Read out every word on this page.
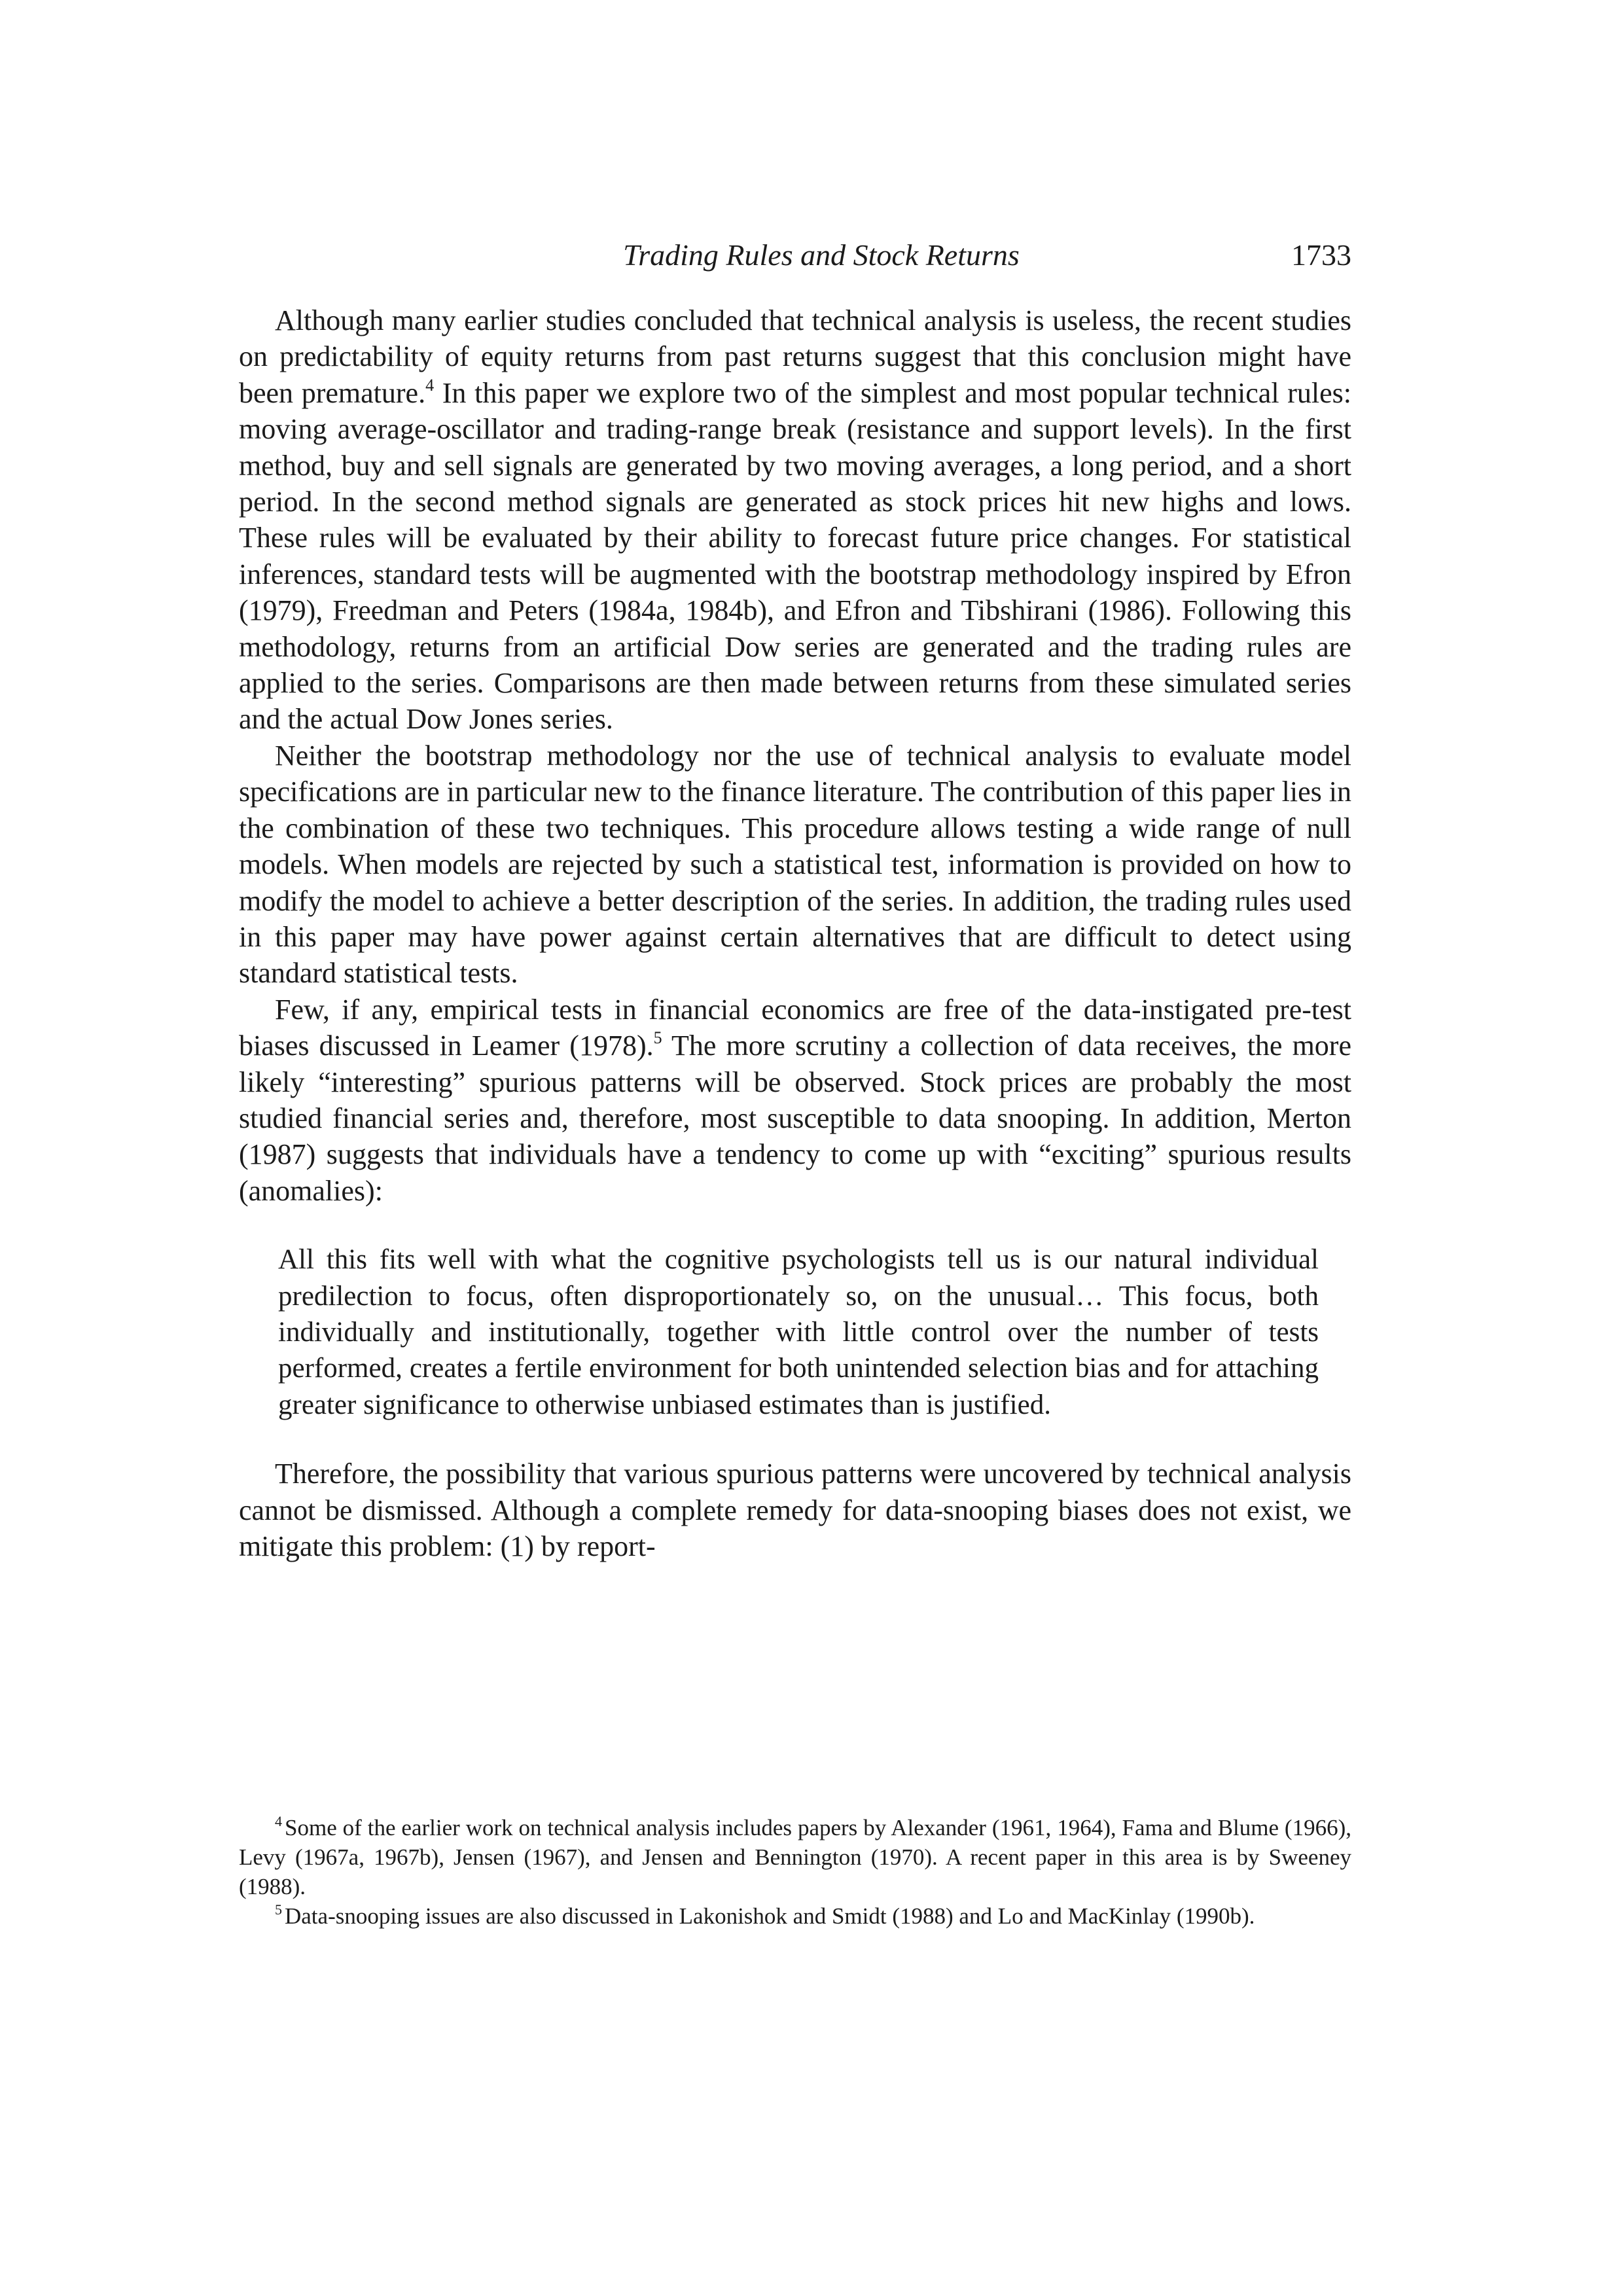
Trading Rules and Stock Returns	1733

Although many earlier studies concluded that technical analysis is useless, the recent studies on predictability of equity returns from past returns suggest that this conclusion might have been premature.$^4$ In this paper we explore two of the simplest and most popular technical rules: moving average-oscillator and trading-range break (resistance and support levels). In the first method, buy and sell signals are generated by two moving averages, a long period, and a short period. In the second method signals are generated as stock prices hit new highs and lows. These rules will be evaluated by their ability to forecast future price changes. For statistical inferences, standard tests will be augmented with the bootstrap methodology inspired by Efron (1979), Freedman and Peters (1984a, 1984b), and Efron and Tibshirani (1986). Following this methodology, returns from an artificial Dow series are generated and the trading rules are applied to the series. Comparisons are then made between returns from these simulated series and the actual Dow Jones series.

Neither the bootstrap methodology nor the use of technical analysis to evaluate model specifications are in particular new to the finance literature. The contribution of this paper lies in the combination of these two techniques. This procedure allows testing a wide range of null models. When models are rejected by such a statistical test, information is provided on how to modify the model to achieve a better description of the series. In addition, the trading rules used in this paper may have power against certain alternatives that are difficult to detect using standard statistical tests.

Few, if any, empirical tests in financial economics are free of the data-instigated pre-test biases discussed in Leamer (1978).$^5$ The more scrutiny a collection of data receives, the more likely “interesting” spurious patterns will be observed. Stock prices are probably the most studied financial series and, therefore, most susceptible to data snooping. In addition, Merton (1987) suggests that individuals have a tendency to come up with “exciting” spurious results (anomalies):

All this fits well with what the cognitive psychologists tell us is our natural individual predilection to focus, often disproportionately so, on the unusual… This focus, both individually and institutionally, together with little control over the number of tests performed, creates a fertile environment for both unintended selection bias and for attaching greater significance to otherwise unbiased estimates than is justified.

Therefore, the possibility that various spurious patterns were uncovered by technical analysis cannot be dismissed. Although a complete remedy for data-snooping biases does not exist, we mitigate this problem: (1) by report-

$^4$ Some of the earlier work on technical analysis includes papers by Alexander (1961, 1964), Fama and Blume (1966), Levy (1967a, 1967b), Jensen (1967), and Jensen and Bennington (1970). A recent paper in this area is by Sweeney (1988).

$^5$ Data-snooping issues are also discussed in Lakonishok and Smidt (1988) and Lo and MacKinlay (1990b).
